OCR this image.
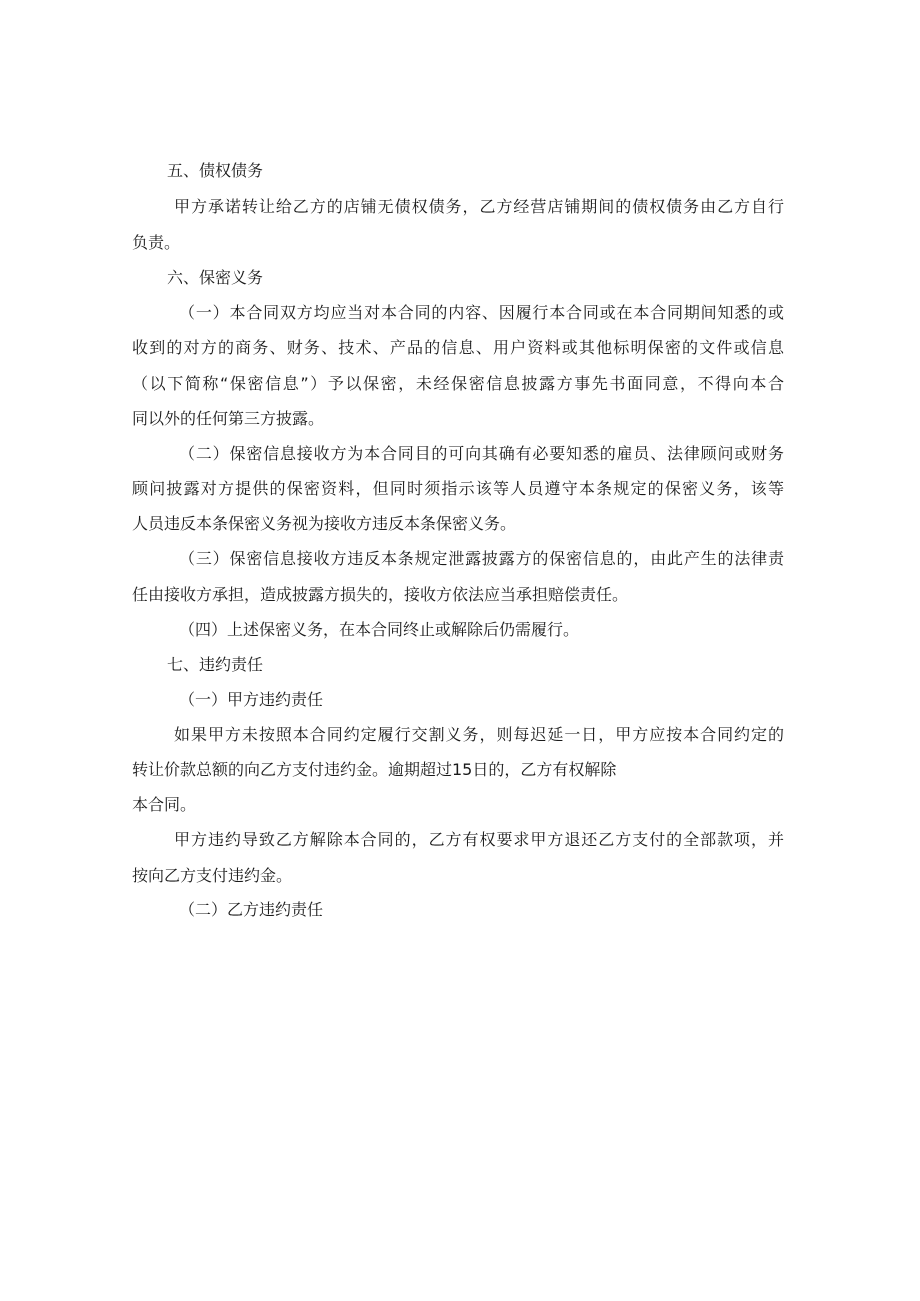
五、债权债务
甲方承诺转让给乙方的店铺无债权债务，乙方经营店铺期间的债权债务由乙方自行
负责。
六、保密义务
（一）本合同双方均应当对本合同的内容、因履行本合同或在本合同期间知悉的或
收到的对方的商务、财务、技术、产品的信息、用户资料或其他标明保密的文件或信息
（以下简称“保密信息”）予以保密，未经保密信息披露方事先书面同意，不得向本合
同以外的任何第三方披露。
（二）保密信息接收方为本合同目的可向其确有必要知悉的雇员、法律顾问或财务
顾问披露对方提供的保密资料，但同时须指示该等人员遵守本条规定的保密义务，该等
人员违反本条保密义务视为接收方违反本条保密义务。
（三）保密信息接收方违反本条规定泄露披露方的保密信息的，由此产生的法律责
任由接收方承担，造成披露方损失的，接收方依法应当承担赔偿责任。
（四）上述保密义务，在本合同终止或解除后仍需履行。
七、违约责任
（一）甲方违约责任
如果甲方未按照本合同约定履行交割义务，则每迟延一日，甲方应按本合同约定的
转让价款总额的向乙方支付违约金。逾期超过15日的，乙方有权解除
本合同。
甲方违约导致乙方解除本合同的，乙方有权要求甲方退还乙方支付的全部款项，并
按向乙方支付违约金。
（二）乙方违约责任
